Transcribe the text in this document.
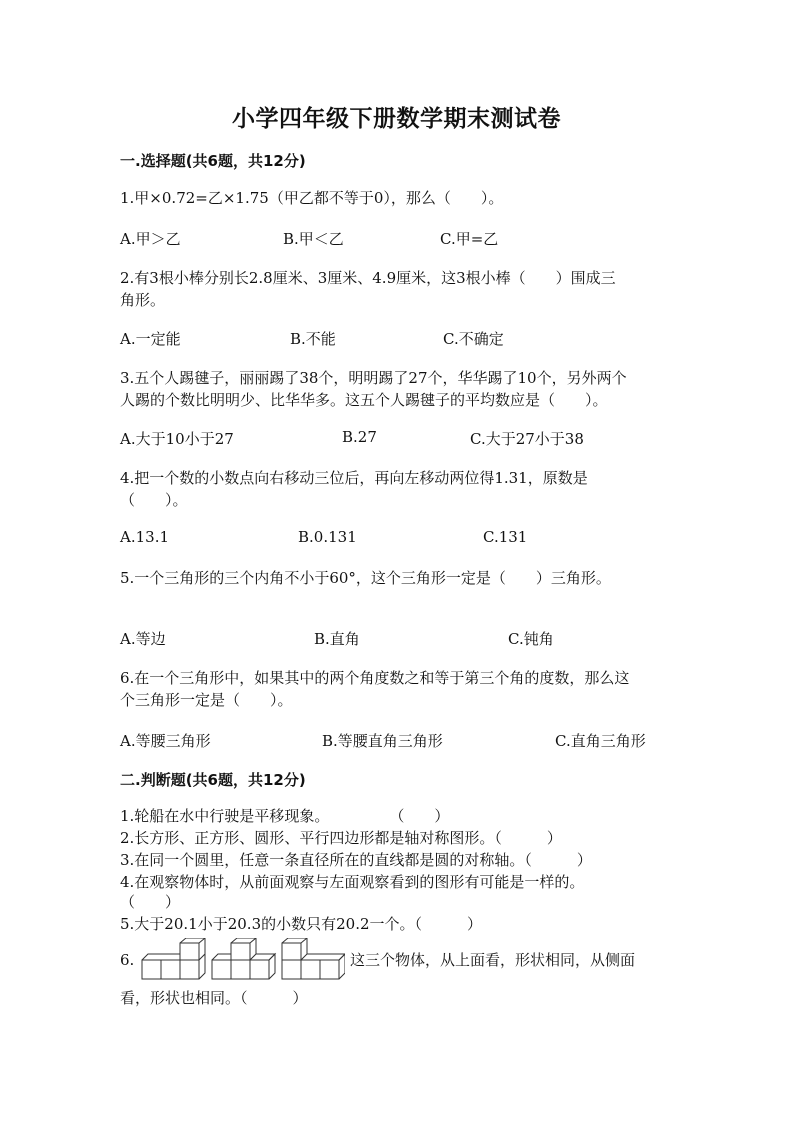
小学四年级下册数学期末测试卷
一.选择题(共6题，共12分)
1.甲×0.72=乙×1.75（甲乙都不等于0），那么（　　）。
A.甲＞乙	B.甲＜乙	C.甲=乙
2.有3根小棒分别长2.8厘米、3厘米、4.9厘米，这3根小棒（　　）围成三
角形。
A.一定能	B.不能	C.不确定
3.五个人踢毽子，丽丽踢了38个，明明踢了27个，华华踢了10个，另外两个
人踢的个数比明明少、比华华多。这五个人踢毽子的平均数应是（　　）。
A.大于10小于27	B.27	C.大于27小于38
4.把一个数的小数点向右移动三位后，再向左移动两位得1.31，原数是
（　　）。
A.13.1	B.0.131	C.131
5.一个三角形的三个内角不小于60°，这个三角形一定是（　　）三角形。
A.等边	B.直角	C.钝角
6.在一个三角形中，如果其中的两个角度数之和等于第三个角的度数，那么这
个三角形一定是（　　）。
A.等腰三角形	B.等腰直角三角形	C.直角三角形
二.判断题(共6题，共12分)
1.轮船在水中行驶是平移现象。　　　　　（　　）
2.长方形、正方形、圆形、平行四边形都是轴对称图形。（　　　）
3.在同一个圆里，任意一条直径所在的直线都是圆的对称轴。（　　　）
4.在观察物体时，从前面观察与左面观察看到的图形有可能是一样的。
（　　）
5.大于20.1小于20.3的小数只有20.2一个。（　　　）
6.	这三个物体，从上面看，形状相同，从侧面
看，形状也相同。（　　　）
